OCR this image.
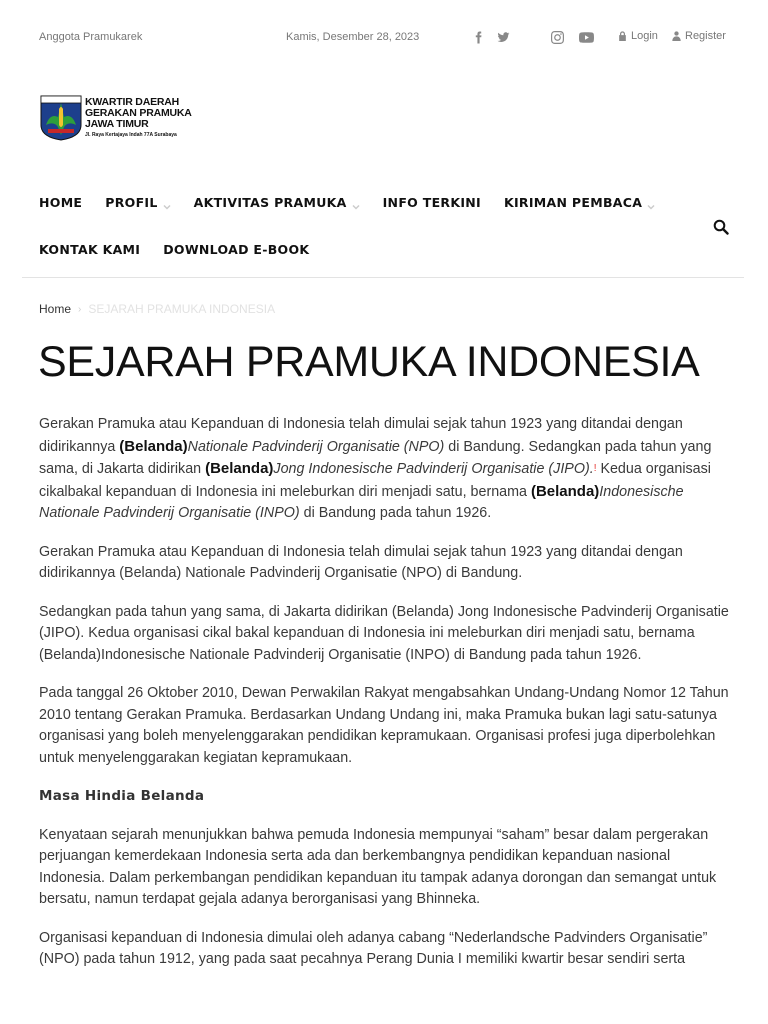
Anggota Pramukarek	Kamis, Desember 28, 2023	Login Register
KWARTIR DAERAH
GERAKAN PRAMUKA
JAWA TIMUR
Jl. Raya Kertajaya Indah 77A Surabaya
HOME PROFIL	AKTIVITAS PRAMUKA	INFO TERKINI KIRIMAN PEMBACA
KONTAK KAMI DOWNLOAD E-BOOK
Home › SEJARAH PRAMUKA INDONESIA
SEJARAH PRAMUKA INDONESIA

Gerakan Pramuka atau Kepanduan di Indonesia telah dimulai sejak tahun 1923 yang ditandai dengan didirikannya (Belanda)Nationale Padvinderij Organisatie (NPO) di Bandung. Sedangkan pada tahun yang sama, di Jakarta didirikan (Belanda)Jong Indonesische Padvinderij Organisatie (JIPO).! Kedua organisasi cikalbakal kepanduan di Indonesia ini meleburkan diri menjadi satu, bernama (Belanda)Indonesische Nationale Padvinderij Organisatie (INPO) di Bandung pada tahun 1926.

Gerakan Pramuka atau Kepanduan di Indonesia telah dimulai sejak tahun 1923 yang ditandai dengan didirikannya (Belanda) Nationale Padvinderij Organisatie (NPO) di Bandung.

Sedangkan pada tahun yang sama, di Jakarta didirikan (Belanda) Jong Indonesische Padvinderij Organisatie (JIPO). Kedua organisasi cikal bakal kepanduan di Indonesia ini meleburkan diri menjadi satu, bernama (Belanda)Indonesische Nationale Padvinderij Organisatie (INPO) di Bandung pada tahun 1926.

Pada tanggal 26 Oktober 2010, Dewan Perwakilan Rakyat mengabsahkan Undang-Undang Nomor 12 Tahun 2010 tentang Gerakan Pramuka. Berdasarkan Undang Undang ini, maka Pramuka bukan lagi satu-satunya organisasi yang boleh menyelenggarakan pendidikan kepramukaan. Organisasi profesi juga diperbolehkan untuk menyelenggarakan kegiatan kepramukaan.

Masa Hindia Belanda

Kenyataan sejarah menunjukkan bahwa pemuda Indonesia mempunyai “saham” besar dalam pergerakan perjuangan kemerdekaan Indonesia serta ada dan berkembangnya pendidikan kepanduan nasional Indonesia. Dalam perkembangan pendidikan kepanduan itu tampak adanya dorongan dan semangat untuk bersatu, namun terdapat gejala adanya berorganisasi yang Bhinneka.

Organisasi kepanduan di Indonesia dimulai oleh adanya cabang “Nederlandsche Padvinders Organisatie” (NPO) pada tahun 1912, yang pada saat pecahnya Perang Dunia I memiliki kwartir besar sendiri serta
